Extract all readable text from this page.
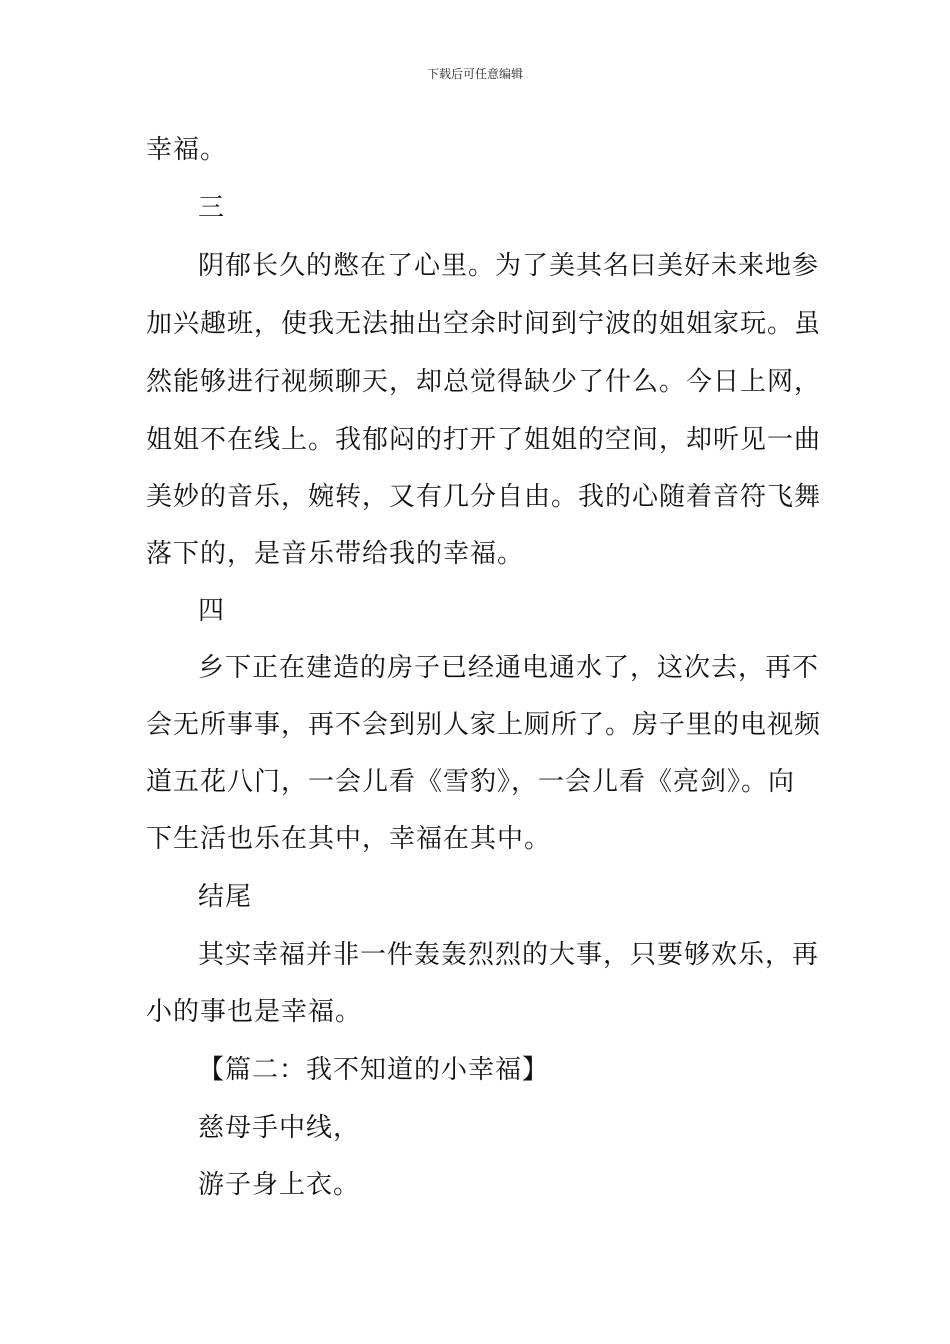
下载后可任意编辑
幸福。
三
阴郁长久的憋在了心里。为了美其名曰美好未来地参
加兴趣班，使我无法抽出空余时间到宁波的姐姐家玩。虽
然能够进行视频聊天，却总觉得缺少了什么。今日上网，
姐姐不在线上。我郁闷的打开了姐姐的空间，却听见一曲
美妙的音乐，婉转，又有几分自由。我的心随着音符飞舞
落下的，是音乐带给我的幸福。
四
乡下正在建造的房子已经通电通水了，这次去，再不
会无所事事，再不会到别人家上厕所了。房子里的电视频
道五花八门，一会儿看《雪豹》，一会儿看《亮剑》。向
下生活也乐在其中，幸福在其中。
结尾
其实幸福并非一件轰轰烈烈的大事，只要够欢乐，再
小的事也是幸福。
【篇二：我不知道的小幸福】
慈母手中线，
游子身上衣。
